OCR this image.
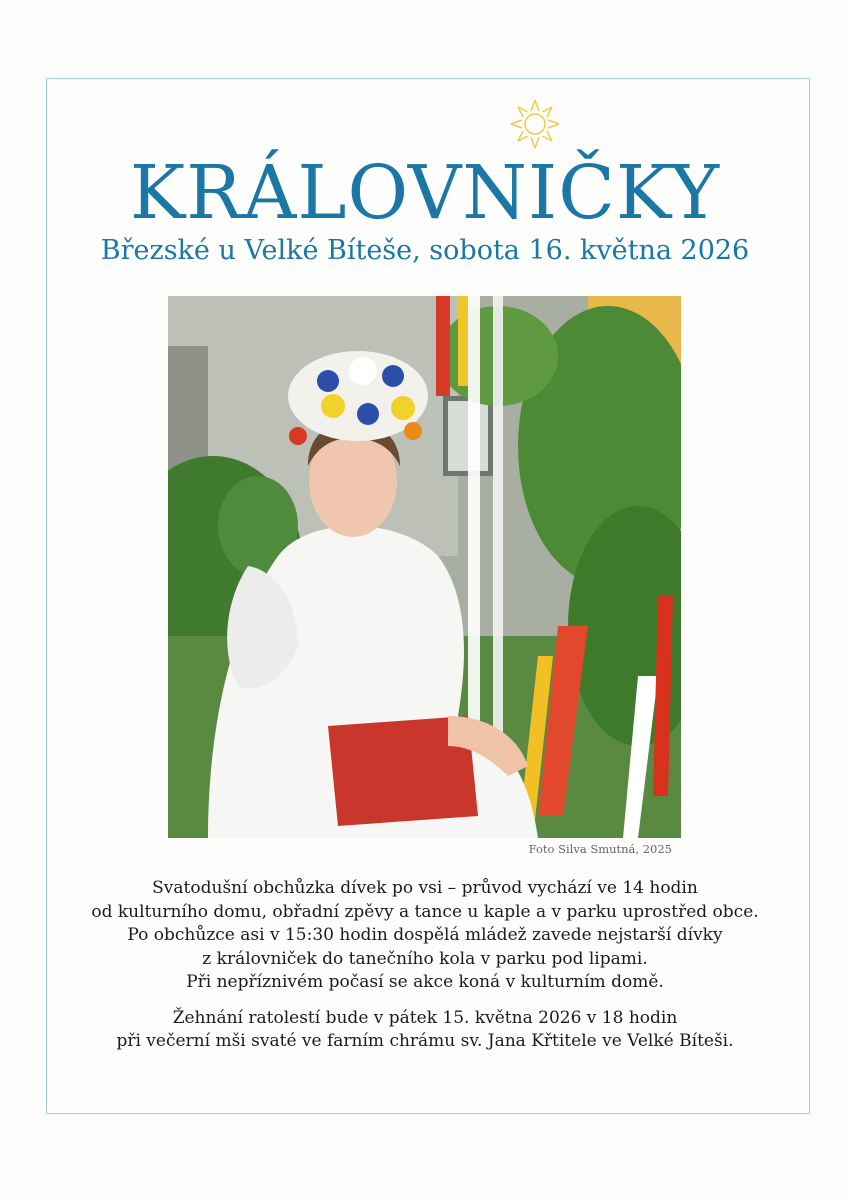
KRÁLOVNIČKY
Březské u Velké Bíteše, sobota 16. května 2026
Foto Silva Smutná, 2025
Svatodušní obchůzka dívek po vsi – průvod vychází ve 14 hodin
od kulturního domu, obřadní zpěvy a tance u kaple a v parku uprostřed obce.
Po obchůzce asi v 15:30 hodin dospělá mládež zavede nejstarší dívky
z královniček do tanečního kola v parku pod lipami.
Při nepříznivém počasí se akce koná v kulturním domě.
Žehnání ratolestí bude v pátek 15. května 2026 v 18 hodin
při večerní mši svaté ve farním chrámu sv. Jana Křtitele ve Velké Bíteši.
